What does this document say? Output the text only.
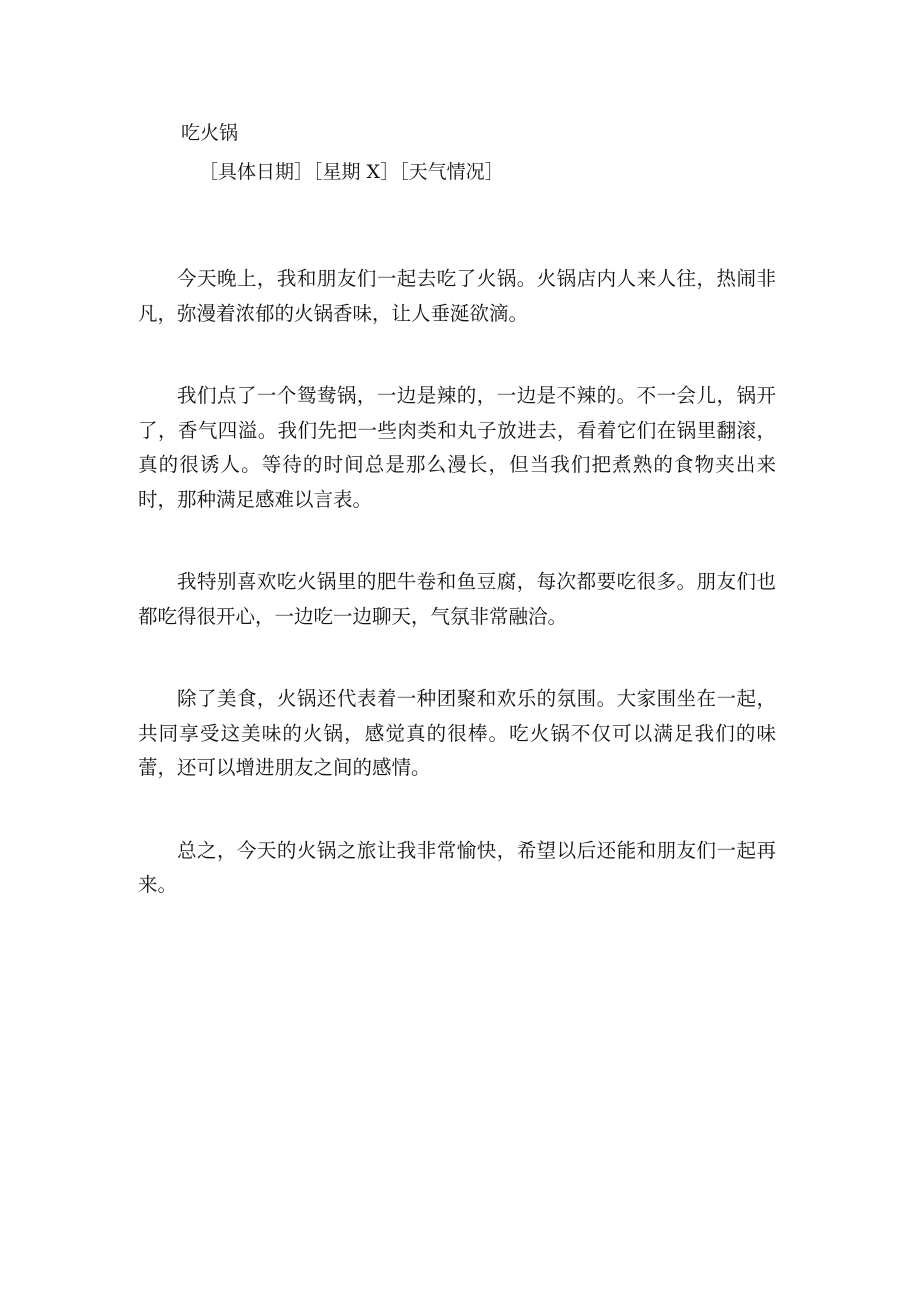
吃火锅
［具体日期］［星期 X］［天气情况］

今天晚上，我和朋友们一起去吃了火锅。火锅店内人来人往，热闹非凡，弥漫着浓郁的火锅香味，让人垂涎欲滴。

我们点了一个鸳鸯锅，一边是辣的，一边是不辣的。不一会儿，锅开了，香气四溢。我们先把一些肉类和丸子放进去，看着它们在锅里翻滚，真的很诱人。等待的时间总是那么漫长，但当我们把煮熟的食物夹出来时，那种满足感难以言表。

我特别喜欢吃火锅里的肥牛卷和鱼豆腐，每次都要吃很多。朋友们也都吃得很开心，一边吃一边聊天，气氛非常融洽。

除了美食，火锅还代表着一种团聚和欢乐的氛围。大家围坐在一起，共同享受这美味的火锅，感觉真的很棒。吃火锅不仅可以满足我们的味蕾，还可以增进朋友之间的感情。

总之，今天的火锅之旅让我非常愉快，希望以后还能和朋友们一起再来。
